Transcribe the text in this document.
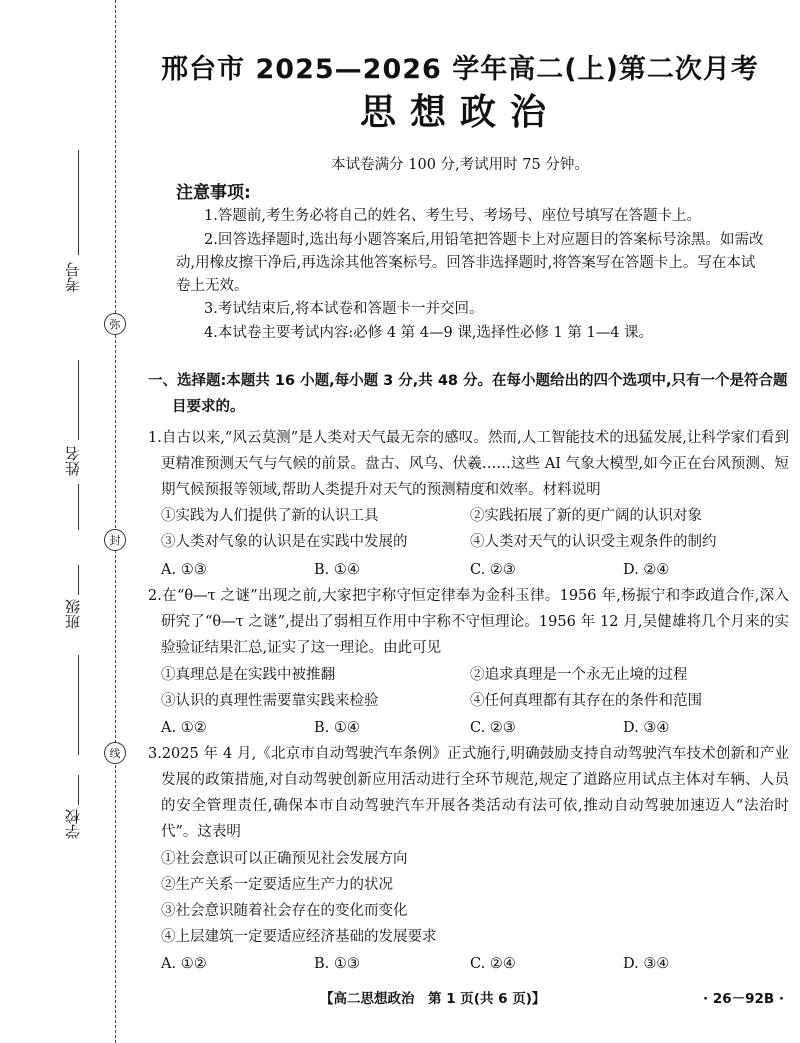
考号
弥
姓名
封
班级
线
学校
邢台市 2025—2026 学年高二(上)第二次月考
思想政治
本试卷满分 100 分,考试用时 75 分钟。
注意事项:
1.答题前,考生务必将自己的姓名、考生号、考场号、座位号填写在答题卡上。
2.回答选择题时,选出每小题答案后,用铅笔把答题卡上对应题目的答案标号涂黑。如需改动,用橡皮擦干净后,再选涂其他答案标号。回答非选择题时,将答案写在答题卡上。写在本试卷上无效。
3.考试结束后,将本试卷和答题卡一并交回。
4.本试卷主要考试内容:必修 4 第 4—9 课,选择性必修 1 第 1—4 课。
一、选择题:本题共 16 小题,每小题 3 分,共 48 分。在每小题给出的四个选项中,只有一个是符合题目要求的。
1.自古以来,“风云莫测”是人类对天气最无奈的感叹。然而,人工智能技术的迅猛发展,让科学家们看到更精准预测天气与气候的前景。盘古、风乌、伏羲……这些 AI 气象大模型,如今正在台风预测、短期气候预报等领域,帮助人类提升对天气的预测精度和效率。材料说明
①实践为人们提供了新的认识工具	②实践拓展了新的更广阔的认识对象
③人类对气象的认识是在实践中发展的	④人类对天气的认识受主观条件的制约
A. ①③	B. ①④	C. ②③	D. ②④
2.在“θ—τ 之谜”出现之前,大家把宇称守恒定律奉为金科玉律。1956 年,杨振宁和李政道合作,深入研究了“θ—τ 之谜”,提出了弱相互作用中宇称不守恒理论。1956 年 12 月,吴健雄将几个月来的实验验证结果汇总,证实了这一理论。由此可见
①真理总是在实践中被推翻	②追求真理是一个永无止境的过程
③认识的真理性需要靠实践来检验	④任何真理都有其存在的条件和范围
A. ①②	B. ①④	C. ②③	D. ③④
3.2025 年 4 月,《北京市自动驾驶汽车条例》正式施行,明确鼓励支持自动驾驶汽车技术创新和产业发展的政策措施,对自动驾驶创新应用活动进行全环节规范,规定了道路应用试点主体对车辆、人员的安全管理责任,确保本市自动驾驶汽车开展各类活动有法可依,推动自动驾驶加速迈人“法治时代”。这表明
①社会意识可以正确预见社会发展方向
②生产关系一定要适应生产力的状况
③社会意识随着社会存在的变化而变化
④上层建筑一定要适应经济基础的发展要求
A. ①②	B. ①③	C. ②④	D. ③④
【高二思想政治　第 1 页(共 6 页)】	· 26－92B ·
